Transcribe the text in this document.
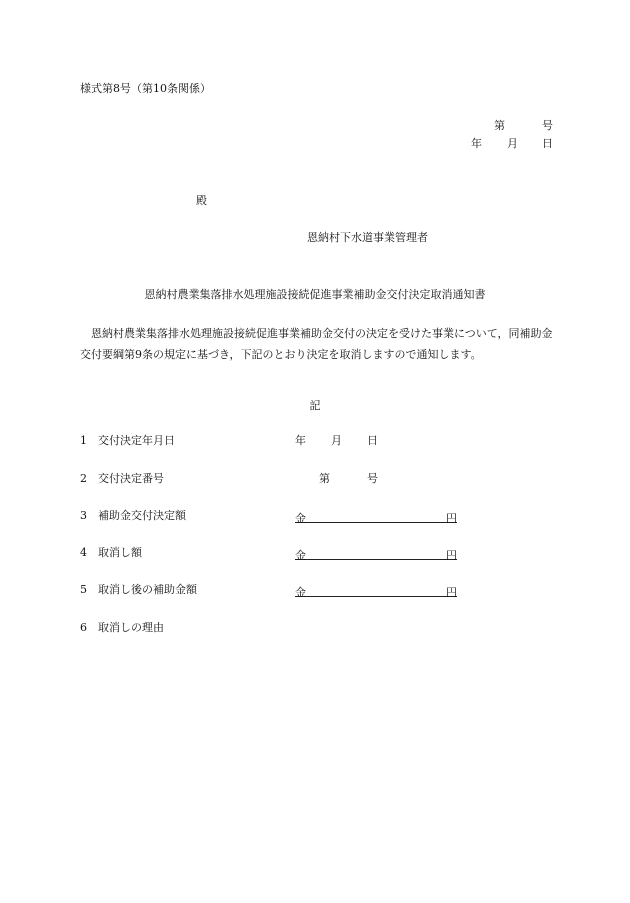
様式第8号（第10条関係）
第	号
年 月 日
殿
恩納村下水道事業管理者
恩納村農業集落排水処理施設接続促進事業補助金交付決定取消通知書
恩納村農業集落排水処理施設接続促進事業補助金交付の決定を受けた事業について，同補助金交付要綱第9条の規定に基づき，下記のとおり決定を取消しますので通知します。
記
1 交付決定年月日	年 月 日
2 交付決定番号	第	号
3 補助金交付決定額	金	円
4 取消し額	金	円
5 取消し後の補助金額	金	円
6 取消しの理由
